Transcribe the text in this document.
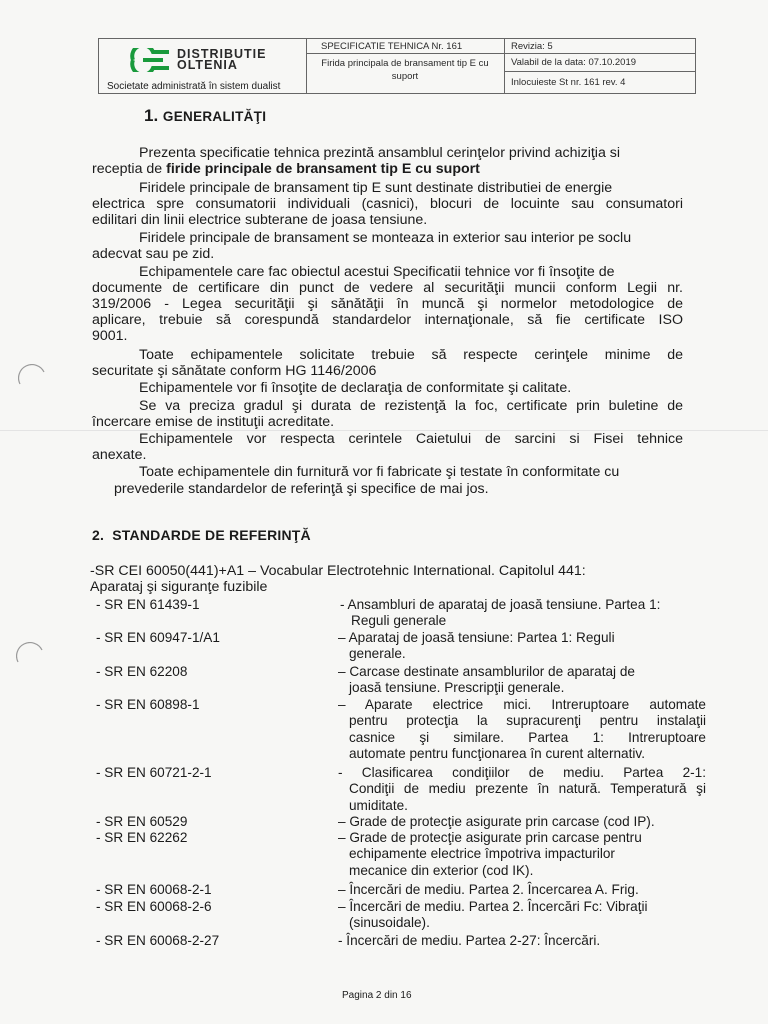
DISTRIBUTIE
OLTENIA
Societate administrată în sistem dualist
SPECIFICATIE TEHNICA Nr. 161
Firida principala de bransament tip E cu suport
Revizia: 5
Valabil de la data: 07.10.2019
Inlocuieste St nr. 161 rev. 4
1. GENERALITĂŢI
Prezenta specificatie tehnica prezintă ansamblul cerinţelor privind achiziţia si
receptia de firide principale de bransament tip E cu suport
Firidele principale de bransament tip E sunt destinate distributiei de energie
electrica spre consumatorii individuali (casnici), blocuri de locuinte sau consumatori
edilitari din linii electrice subterane de joasa tensiune.
Firidele principale de bransament se monteaza in exterior sau interior pe soclu
adecvat sau pe zid.
Echipamentele care fac obiectul acestui Specificatii tehnice vor fi însoţite de
documente de certificare din punct de vedere al securităţii muncii conform Legii nr.
319/2006 - Legea securităţii şi sănătăţii în muncă şi normelor metodologice de
aplicare, trebuie să corespundă standardelor internaţionale, să fie certificate ISO
9001.
Toate echipamentele solicitate trebuie să respecte cerinţele minime de
securitate şi sănătate conform HG 1146/2006
Echipamentele vor fi însoţite de declaraţia de conformitate şi calitate.
Se va preciza gradul şi durata de rezistenţă la foc, certificate prin buletine de
încercare emise de instituţii acreditate.
Echipamentele vor respecta cerintele Caietului de sarcini si Fisei tehnice
anexate.
Toate echipamentele din furnitură vor fi fabricate şi testate în conformitate cu
prevederile standardelor de referinţă şi specifice de mai jos.
2. STANDARDE DE REFERINŢĂ
-SR CEI 60050(441)+A1 – Vocabular Electrotehnic International. Capitolul 441:
Aparataj şi siguranţe fuzibile
- SR EN 61439-1	- Ansambluri de aparataj de joasă tensiune. Partea 1:
Reguli generale
- SR EN 60947-1/A1	– Aparataj de joasă tensiune: Partea 1: Reguli
generale.
- SR EN 62208	– Carcase destinate ansamblurilor de aparataj de
joasă tensiune. Prescripţii generale.
- SR EN 60898-1	– Aparate electrice mici. Intreruptoare automate
pentru protecţia la supracurenţi pentru instalaţii
casnice şi similare. Partea 1: Intreruptoare
automate pentru funcţionarea în curent alternativ.
- SR EN 60721-2-1	- Clasificarea condiţiilor de mediu. Partea 2-1:
Condiţii de mediu prezente în natură. Temperatură şi
umiditate.
- SR EN 60529	– Grade de protecţie asigurate prin carcase (cod IP).
- SR EN 62262	– Grade de protecţie asigurate prin carcase pentru
echipamente electrice împotriva impacturilor
mecanice din exterior (cod IK).
- SR EN 60068-2-1	– Încercări de mediu. Partea 2. Încercarea A. Frig.
- SR EN 60068-2-6	– Încercări de mediu. Partea 2. Încercări Fc: Vibraţii
(sinusoidale).
- SR EN 60068-2-27	- Încercări de mediu. Partea 2-27: Încercări.
Pagina 2 din 16
